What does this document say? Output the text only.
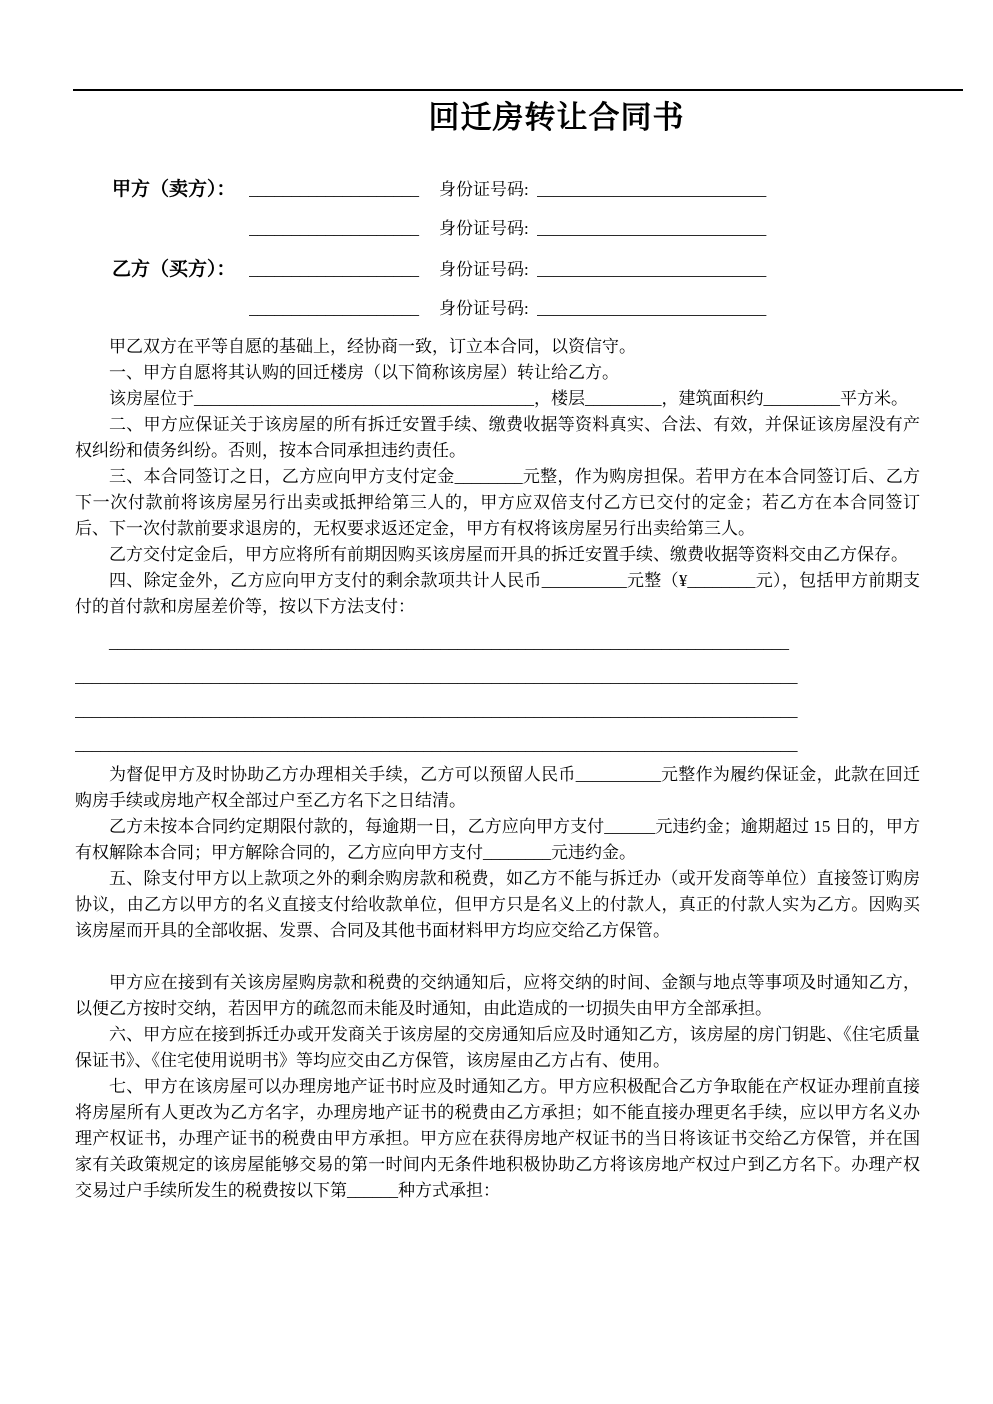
回迁房转让合同书
甲方（卖方）： ____________________ 身份证号码: ___________________________
____________________ 身份证号码: ___________________________
乙方（买方）： ____________________ 身份证号码: ___________________________
____________________ 身份证号码: ___________________________

甲乙双方在平等自愿的基础上，经协商一致，订立本合同，以资信守。

一、甲方自愿将其认购的回迁楼房（以下简称该房屋）转让给乙方。

该房屋位于________________________________________，楼层_________，建筑面积约_________平方米。

二、甲方应保证关于该房屋的所有拆迁安置手续、缴费收据等资料真实、合法、有效，并保证该房屋没有产权纠纷和债务纠纷。否则，按本合同承担违约责任。

三、本合同签订之日，乙方应向甲方支付定金________元整，作为购房担保。若甲方在本合同签订后、乙方下一次付款前将该房屋另行出卖或抵押给第三人的，甲方应双倍支付乙方已交付的定金；若乙方在本合同签订后、下一次付款前要求退房的，无权要求返还定金，甲方有权将该房屋另行出卖给第三人。

乙方交付定金后，甲方应将所有前期因购买该房屋而开具的拆迁安置手续、缴费收据等资料交由乙方保存。

四、除定金外，乙方应向甲方支付的剩余款项共计人民币__________元整（¥________元），包括甲方前期支付的首付款和房屋差价等，按以下方法支付：

________________________________________________________________________________

_____________________________________________________________________________________

_____________________________________________________________________________________

_____________________________________________________________________________________

为督促甲方及时协助乙方办理相关手续，乙方可以预留人民币__________元整作为履约保证金，此款在回迁购房手续或房地产权全部过户至乙方名下之日结清。

乙方未按本合同约定期限付款的，每逾期一日，乙方应向甲方支付______元违约金；逾期超过 15 日的，甲方有权解除本合同；甲方解除合同的，乙方应向甲方支付________元违约金。

五、除支付甲方以上款项之外的剩余购房款和税费，如乙方不能与拆迁办（或开发商等单位）直接签订购房协议，由乙方以甲方的名义直接支付给收款单位，但甲方只是名义上的付款人，真正的付款人实为乙方。因购买该房屋而开具的全部收据、发票、合同及其他书面材料甲方均应交给乙方保管。

甲方应在接到有关该房屋购房款和税费的交纳通知后，应将交纳的时间、金额与地点等事项及时通知乙方，以便乙方按时交纳，若因甲方的疏忽而未能及时通知，由此造成的一切损失由甲方全部承担。

六、甲方应在接到拆迁办或开发商关于该房屋的交房通知后应及时通知乙方，该房屋的房门钥匙、《住宅质量保证书》、《住宅使用说明书》等均应交由乙方保管，该房屋由乙方占有、使用。

七、甲方在该房屋可以办理房地产证书时应及时通知乙方。甲方应积极配合乙方争取能在产权证办理前直接将房屋所有人更改为乙方名字，办理房地产证书的税费由乙方承担；如不能直接办理更名手续，应以甲方名义办理产权证书，办理产证书的税费由甲方承担。甲方应在获得房地产权证书的当日将该证书交给乙方保管，并在国家有关政策规定的该房屋能够交易的第一时间内无条件地积极协助乙方将该房地产权过户到乙方名下。办理产权交易过户手续所发生的税费按以下第______种方式承担：
